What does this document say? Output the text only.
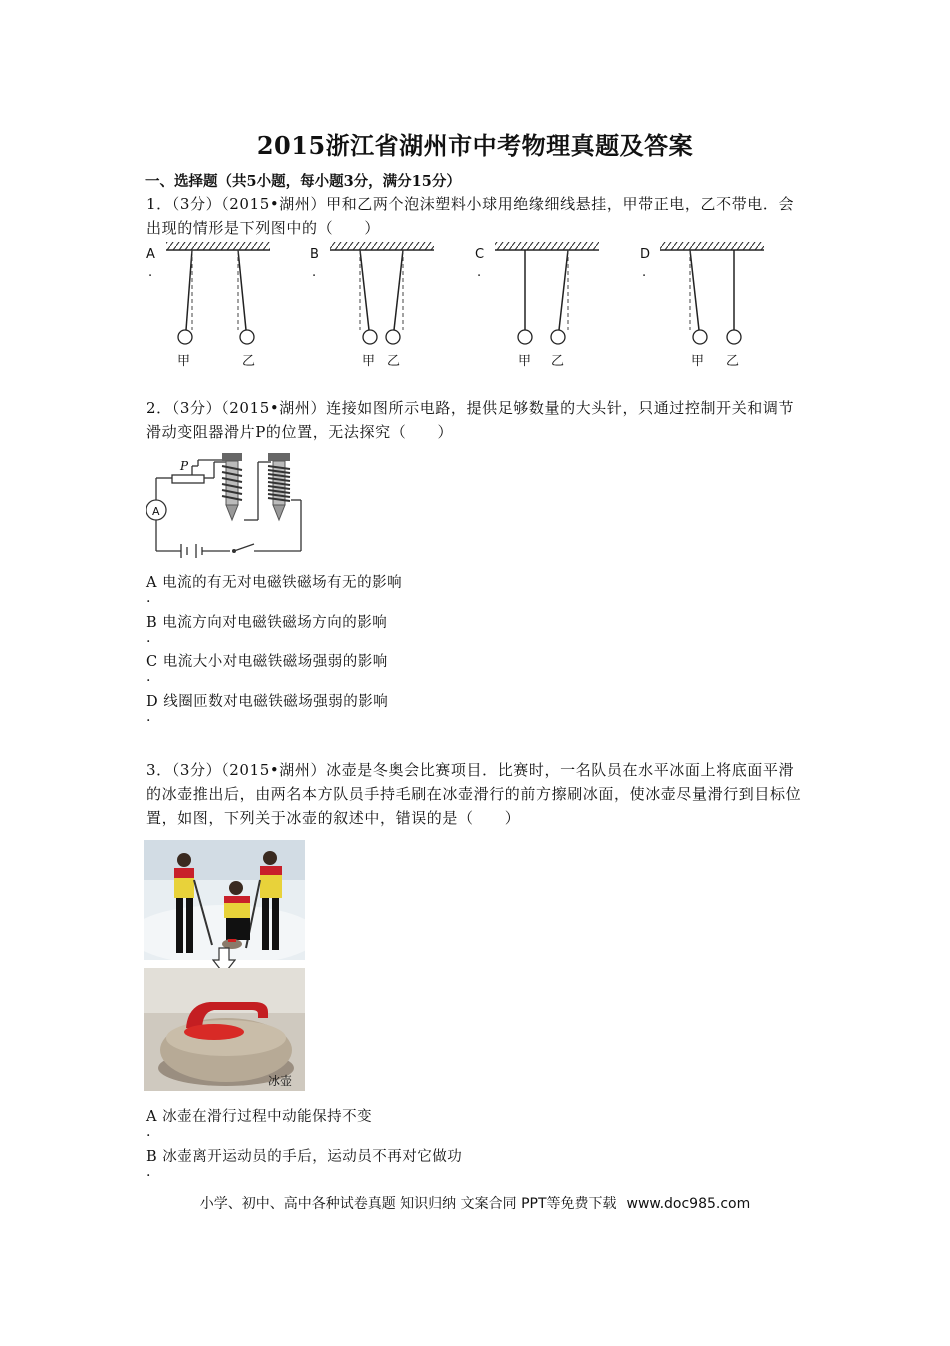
2015浙江省湖州市中考物理真题及答案
一、选择题（共5小题，每小题3分，满分15分）
1．（3分）（2015•湖州）甲和乙两个泡沫塑料小球用绝缘细线悬挂，甲带正电，乙不带电．会出现的情形是下列图中的（　　）
A
.
甲	乙
B
.
甲 乙
C
.
甲 乙
D
.
甲 乙
2．（3分）（2015•湖州）连接如图所示电路，提供足够数量的大头针，只通过控制开关和调节滑动变阻器滑片P的位置，无法探究（　　）
A
P
A 电流的有无对电磁铁磁场有无的影响
.
B 电流方向对电磁铁磁场方向的影响
.
C 电流大小对电磁铁磁场强弱的影响
.
D 线圈匝数对电磁铁磁场强弱的影响
.
3．（3分）（2015•湖州）冰壶是冬奥会比赛项目．比赛时，一名队员在水平冰面上将底面平滑的冰壶推出后，由两名本方队员手持毛刷在冰壶滑行的前方擦刷冰面，使冰壶尽量滑行到目标位置，如图，下列关于冰壶的叙述中，错误的是（　　）
冰壶
A 冰壶在滑行过程中动能保持不变
.
B 冰壶离开运动员的手后，运动员不再对它做功
.
小学、初中、高中各种试卷真题 知识归纳 文案合同 PPT等免费下载 www.doc985.com
